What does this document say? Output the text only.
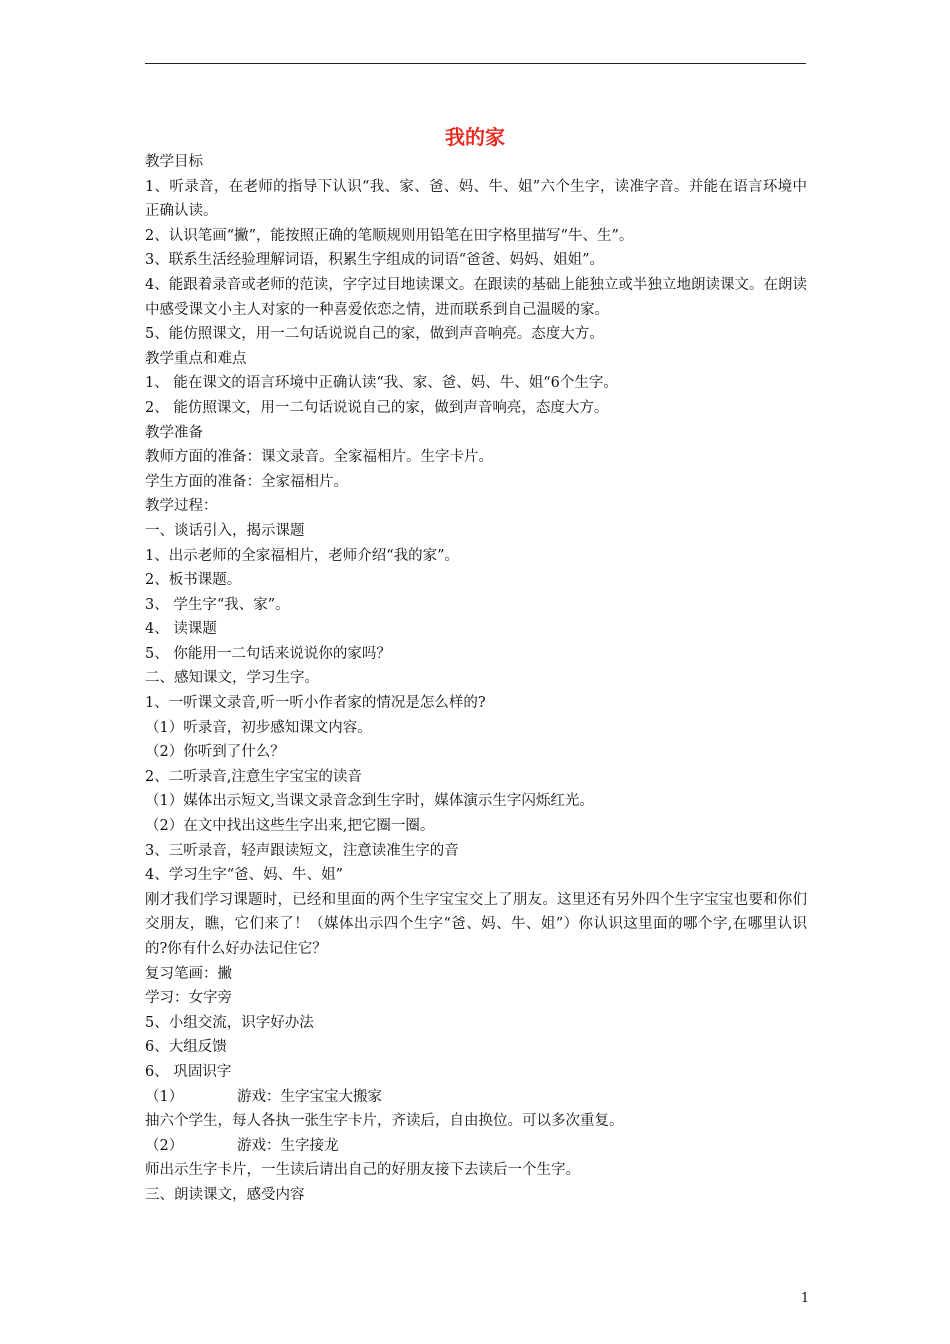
我的家
教学目标
1、听录音，在老师的指导下认识“我、家、爸、妈、牛、姐”六个生字，读准字音。并能在语言环境中正确认读。
2、认识笔画“撇”，能按照正确的笔顺规则用铅笔在田字格里描写“牛、生”。
3、联系生活经验理解词语，积累生字组成的词语“爸爸、妈妈、姐姐”。
4、能跟着录音或老师的范读，字字过目地读课文。在跟读的基础上能独立或半独立地朗读课文。在朗读中感受课文小主人对家的一种喜爱依恋之情，进而联系到自己温暖的家。
5、能仿照课文，用一二句话说说自己的家，做到声音响亮。态度大方。
教学重点和难点
1、 能在课文的语言环境中正确认读“我、家、爸、妈、牛、姐“6个生字。
2、 能仿照课文，用一二句话说说自己的家，做到声音响亮，态度大方。
教学准备
教师方面的准备：课文录音。全家福相片。生字卡片。
学生方面的准备：全家福相片。
教学过程：
一、谈话引入，揭示课题
1、出示老师的全家福相片，老师介绍“我的家”。
2、板书课题。
3、 学生字“我、家”。
4、 读课题
5、 你能用一二句话来说说你的家吗？
二、感知课文，学习生字。
1、一听课文录音,听一听小作者家的情况是怎么样的?
（1）听录音，初步感知课文内容。
（2）你听到了什么？
2、二听录音,注意生字宝宝的读音
（1）媒体出示短文,当课文录音念到生字时，媒体演示生字闪烁红光。
（2）在文中找出这些生字出来,把它圈一圈。
3、三听录音，轻声跟读短文，注意读准生字的音
4、学习生字“爸、妈、牛、姐”
刚才我们学习课题时，已经和里面的两个生字宝宝交上了朋友。这里还有另外四个生字宝宝也要和你们交朋友，瞧，它们来了！（媒体出示四个生字“爸、妈、牛、姐”）你认识这里面的哪个字,在哪里认识的?你有什么好办法记住它？
复习笔画：撇
学习：女字旁
5、小组交流，识字好办法
6、大组反馈
6、 巩固识字
（1）	游戏：生字宝宝大搬家
抽六个学生，每人各执一张生字卡片，齐读后，自由换位。可以多次重复。
（2）	游戏：生字接龙
师出示生字卡片，一生读后请出自己的好朋友接下去读后一个生字。
三、朗读课文，感受内容
1
